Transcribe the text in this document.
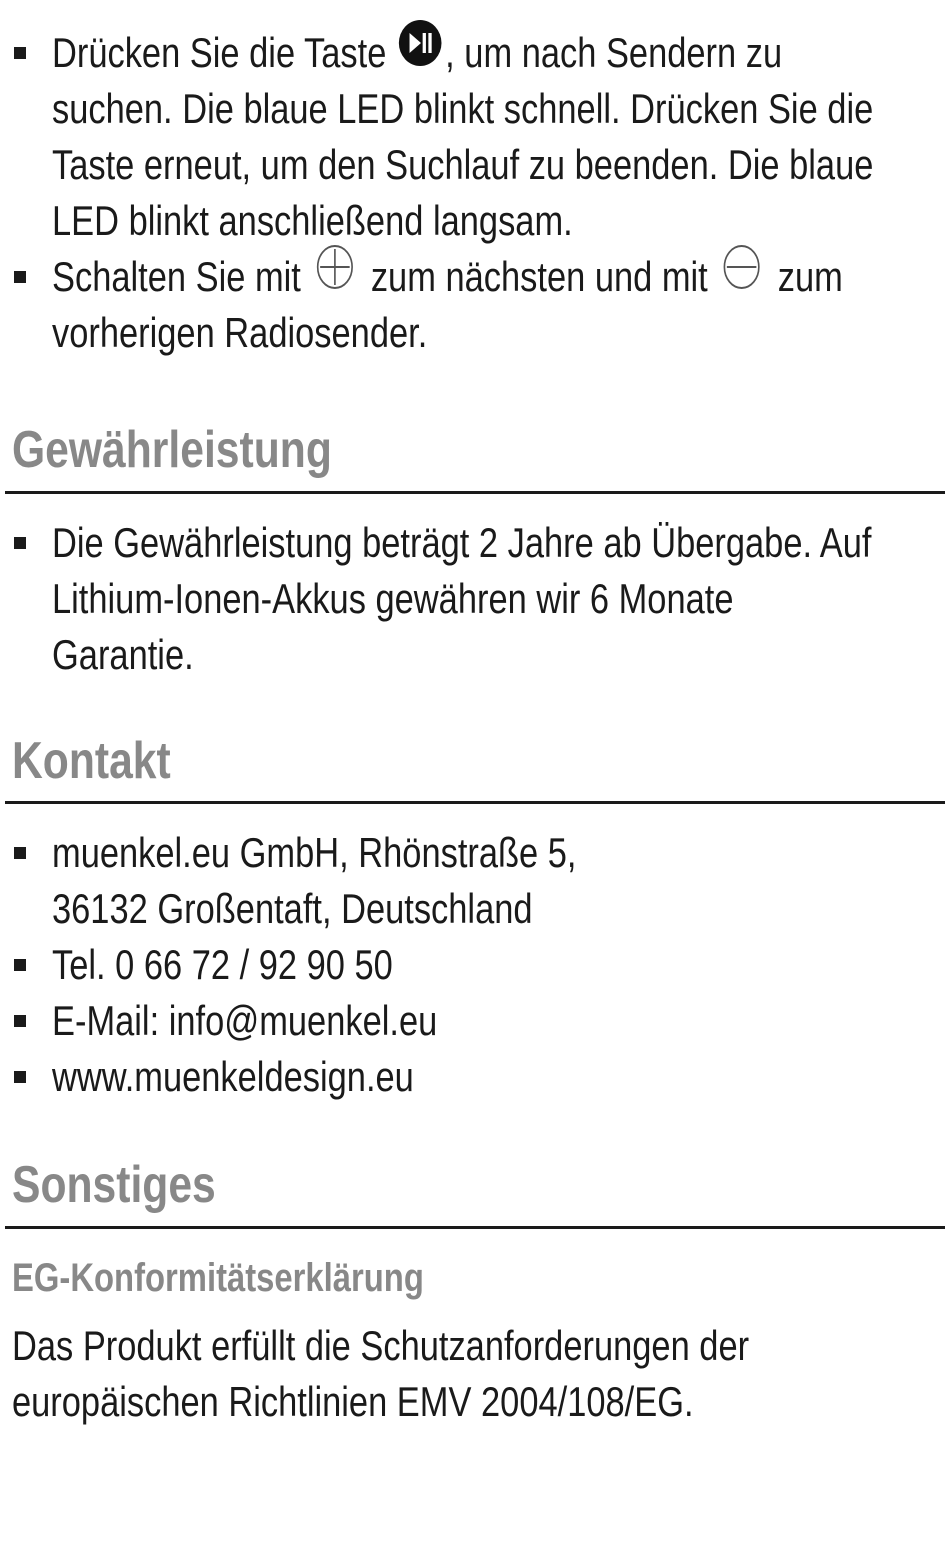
Drücken Sie die Taste , um nach Sendern zu
suchen. Die blaue LED blinkt schnell. Drücken Sie die
Taste erneut, um den Suchlauf zu beenden. Die blaue
LED blinkt anschließend langsam.
Schalten Sie mit  zum nächsten und mit  zum
vorherigen Radiosender.
Gewährleistung
Die Gewährleistung beträgt 2 Jahre ab Übergabe. Auf
Lithium-Ionen-Akkus gewähren wir 6 Monate
Garantie.
Kontakt
muenkel.eu GmbH, Rhönstraße 5,
36132 Großentaft, Deutschland
Tel. 0 66 72 / 92 90 50
E-Mail: info@muenkel.eu
www.muenkeldesign.eu
Sonstiges
EG-Konformitätserklärung

Das Produkt erfüllt die Schutzanforderungen der
europäischen Richtlinien EMV 2004/108/EG.
